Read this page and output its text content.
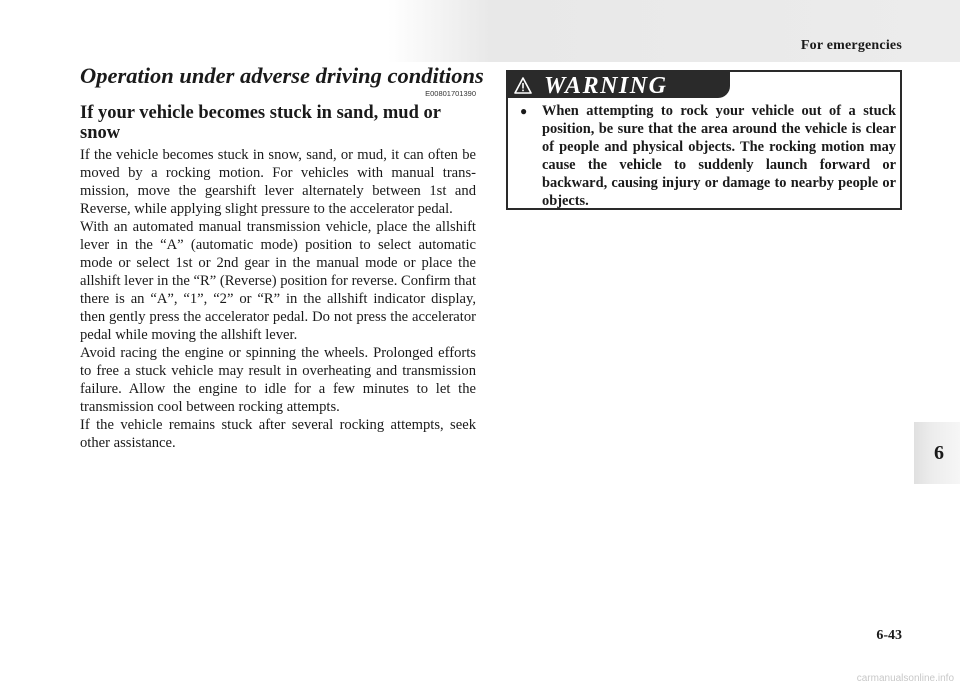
For emergencies
6-43
6
Operation under adverse driving conditions
E00801701390
If your vehicle becomes stuck in sand, mud or snow

If the vehicle becomes stuck in snow, sand, or mud, it can often be moved by a rocking motion. For vehicles with manual trans-mission, move the gearshift lever alternately between 1st and Reverse, while applying slight pressure to the accelerator pedal.

With an automated manual transmission vehicle, place the allshift lever in the “A” (automatic mode) position to select automatic mode or select 1st or 2nd gear in the manual mode or place the allshift lever in the “R” (Reverse) position for reverse. Confirm that there is an “A”, “1”, “2” or “R” in the allshift indicator display, then gently press the accelerator pedal. Do not press the accelerator pedal while moving the allshift lever.

Avoid racing the engine or spinning the wheels. Prolonged efforts to free a stuck vehicle may result in overheating and transmission failure. Allow the engine to idle for a few minutes to let the transmission cool between rocking attempts.

If the vehicle remains stuck after several rocking attempts, seek other assistance.

WARNING
●	When attempting to rock your vehicle out of a stuck position, be sure that the area around the vehicle is clear of people and physical objects. The rocking motion may cause the vehicle to suddenly launch forward or backward, causing injury or damage to nearby people or objects.
carmanualsonline.info
